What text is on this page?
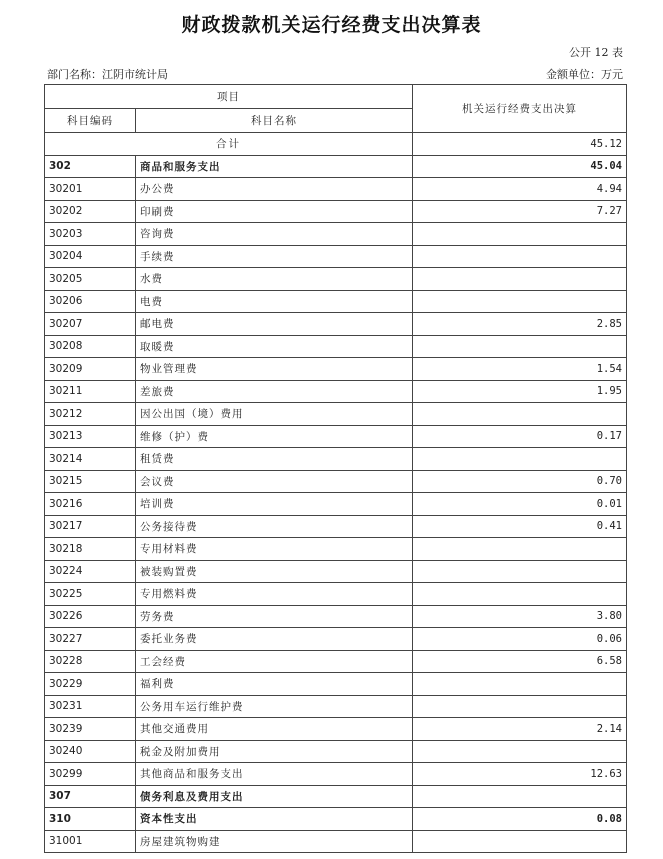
财政拨款机关运行经费支出决算表
公开 12 表
部门名称：江阴市统计局	金额单位：万元
项目		机关运行经费支出决算
科目编码	科目名称	
合计		45.12
302	商品和服务支出	45.04
30201	办公费	4.94
30202	印刷费	7.27
30203	咨询费	
30204	手续费	
30205	水费	
30206	电费	
30207	邮电费	2.85
30208	取暖费	
30209	物业管理费	1.54
30211	差旅费	1.95
30212	因公出国（境）费用	
30213	维修（护）费	0.17
30214	租赁费	
30215	会议费	0.70
30216	培训费	0.01
30217	公务接待费	0.41
30218	专用材料费	
30224	被装购置费	
30225	专用燃料费	
30226	劳务费	3.80
30227	委托业务费	0.06
30228	工会经费	6.58
30229	福利费	
30231	公务用车运行维护费	
30239	其他交通费用	2.14
30240	税金及附加费用	
30299	其他商品和服务支出	12.63
307	债务利息及费用支出	
310	资本性支出	0.08
31001	房屋建筑物购建	
